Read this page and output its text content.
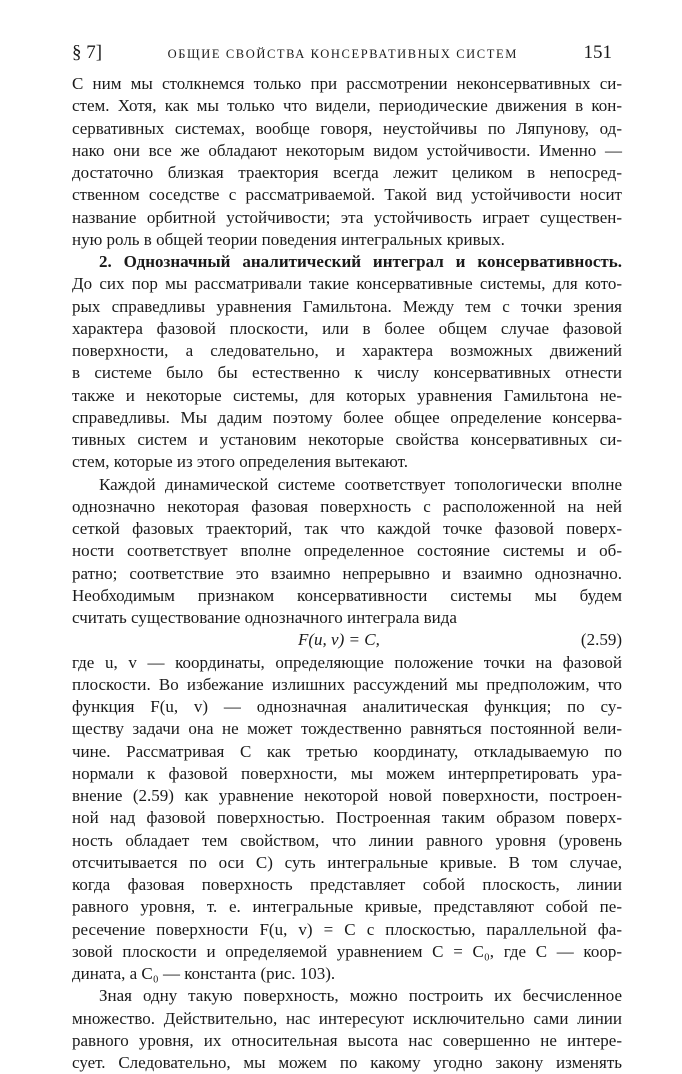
§ 7]	ОБЩИЕ СВОЙСТВА КОНСЕРВАТИВНЫХ СИСТЕМ	151
С ним мы столкнемся только при рассмотрении неконсервативных си-
стем. Хотя, как мы только что видели, периодические движения в кон-
сервативных системах, вообще говоря, неустойчивы по Ляпунову, од-
нако они все же обладают некоторым видом устойчивости. Именно —
достаточно близкая траектория всегда лежит целиком в непосред-
ственном соседстве с рассматриваемой. Такой вид устойчивости носит
название орбитной устойчивости; эта устойчивость играет существен-
ную роль в общей теории поведения интегральных кривых.
2. Однозначный аналитический интеграл и консервативность.
До сих пор мы рассматривали такие консервативные системы, для кото-
рых справедливы уравнения Гамильтона. Между тем с точки зрения
характера фазовой плоскости, или в более общем случае фазовой
поверхности, а следовательно, и характера возможных движений
в системе было бы естественно к числу консервативных отнести
также и некоторые системы, для которых уравнения Гамильтона не-
справедливы. Мы дадим поэтому более общее определение консерва-
тивных систем и установим некоторые свойства консервативных си-
стем, которые из этого определения вытекают.
Каждой динамической системе соответствует топологически вполне
однозначно некоторая фазовая поверхность с расположенной на ней
сеткой фазовых траекторий, так что каждой точке фазовой поверх-
ности соответствует вполне определенное состояние системы и об-
ратно; соответствие это взаимно непрерывно и взаимно однозначно.
Необходимым признаком консервативности системы мы будем
считать существование однозначного интеграла вида
F(u, v) = C,	(2.59)
где u, v — координаты, определяющие положение точки на фазовой
плоскости. Во избежание излишних рассуждений мы предположим, что
функция F(u, v) — однозначная аналитическая функция; по су-
ществу задачи она не может тождественно равняться постоянной вели-
чине. Рассматривая C как третью координату, откладываемую по
нормали к фазовой поверхности, мы можем интерпретировать ура-
внение (2.59) как уравнение некоторой новой поверхности, построен-
ной над фазовой поверхностью. Построенная таким образом поверх-
ность обладает тем свойством, что линии равного уровня (уровень
отсчитывается по оси C) суть интегральные кривые. В том случае,
когда фазовая поверхность представляет собой плоскость, линии
равного уровня, т. е. интегральные кривые, представляют собой пе-
ресечение поверхности F(u, v) = C с плоскостью, параллельной фа-
зовой плоскости и определяемой уравнением C = C₀, где C — коор-
дината, а C₀ — константа (рис. 103).
Зная одну такую поверхность, можно построить их бесчисленное
множество. Действительно, нас интересуют исключительно сами линии
равного уровня, их относительная высота нас совершенно не интере-
сует. Следовательно, мы можем по какому угодно закону изменять
